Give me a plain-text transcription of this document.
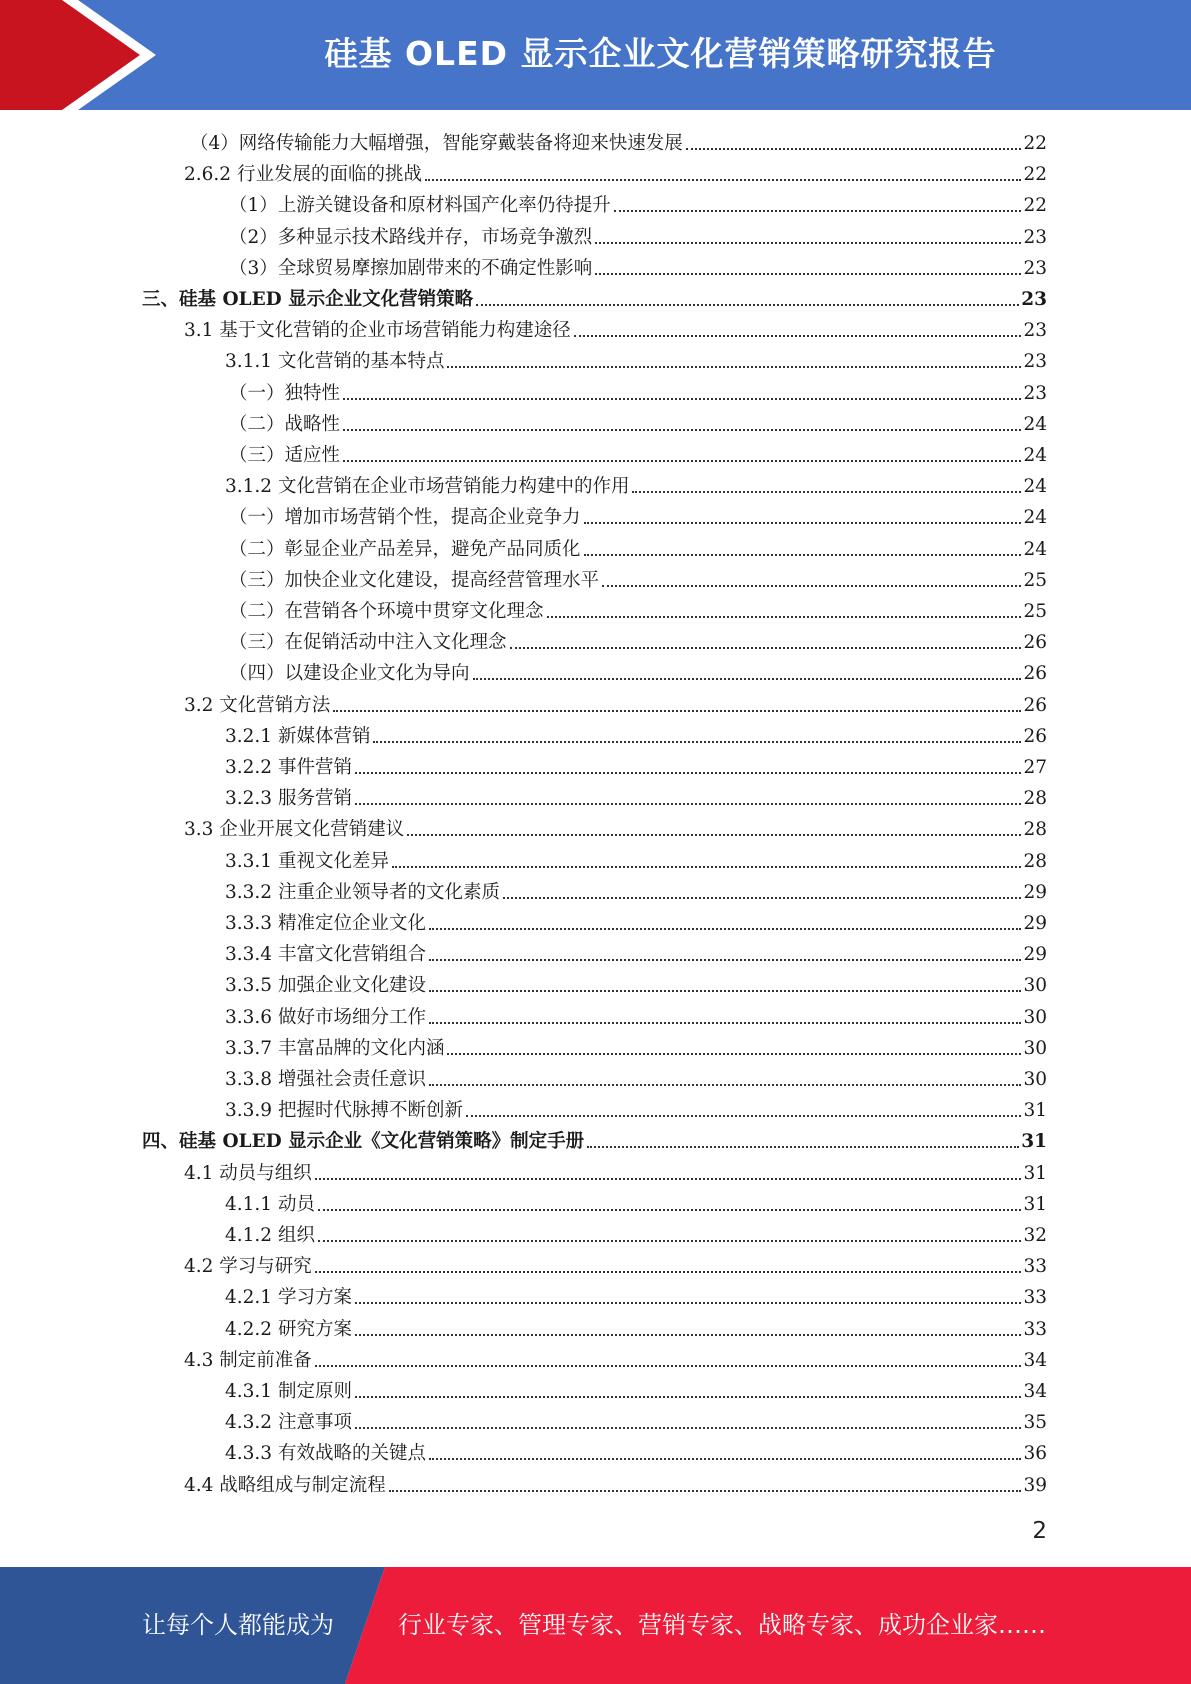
硅基 OLED 显示企业文化营销策略研究报告
（4）网络传输能力大幅增强，智能穿戴装备将迎来快速发展	22
2.6.2 行业发展的面临的挑战	22
（1）上游关键设备和原材料国产化率仍待提升	22
（2）多种显示技术路线并存，市场竞争激烈	23
（3）全球贸易摩擦加剧带来的不确定性影响	23
三、硅基 OLED 显示企业文化营销策略	23
3.1 基于文化营销的企业市场营销能力构建途径	23
3.1.1 文化营销的基本特点	23
（一）独特性	23
（二）战略性	24
（三）适应性	24
3.1.2 文化营销在企业市场营销能力构建中的作用	24
（一）增加市场营销个性，提高企业竞争力	24
（二）彰显企业产品差异，避免产品同质化	24
（三）加快企业文化建设，提高经营管理水平	25
（二）在营销各个环境中贯穿文化理念	25
（三）在促销活动中注入文化理念	26
（四）以建设企业文化为导向	26
3.2 文化营销方法	26
3.2.1 新媒体营销	26
3.2.2 事件营销	27
3.2.3 服务营销	28
3.3 企业开展文化营销建议	28
3.3.1 重视文化差异	28
3.3.2 注重企业领导者的文化素质	29
3.3.3 精准定位企业文化	29
3.3.4 丰富文化营销组合	29
3.3.5 加强企业文化建设	30
3.3.6 做好市场细分工作	30
3.3.7 丰富品牌的文化内涵	30
3.3.8 增强社会责任意识	30
3.3.9 把握时代脉搏不断创新	31
四、硅基 OLED 显示企业《文化营销策略》制定手册	31
4.1 动员与组织	31
4.1.1 动员	31
4.1.2 组织	32
4.2 学习与研究	33
4.2.1 学习方案	33
4.2.2 研究方案	33
4.3 制定前准备	34
4.3.1 制定原则	34
4.3.2 注意事项	35
4.3.3 有效战略的关键点	36
4.4 战略组成与制定流程	39
2
让每个人都能成为	行业专家、管理专家、营销专家、战略专家、成功企业家……
